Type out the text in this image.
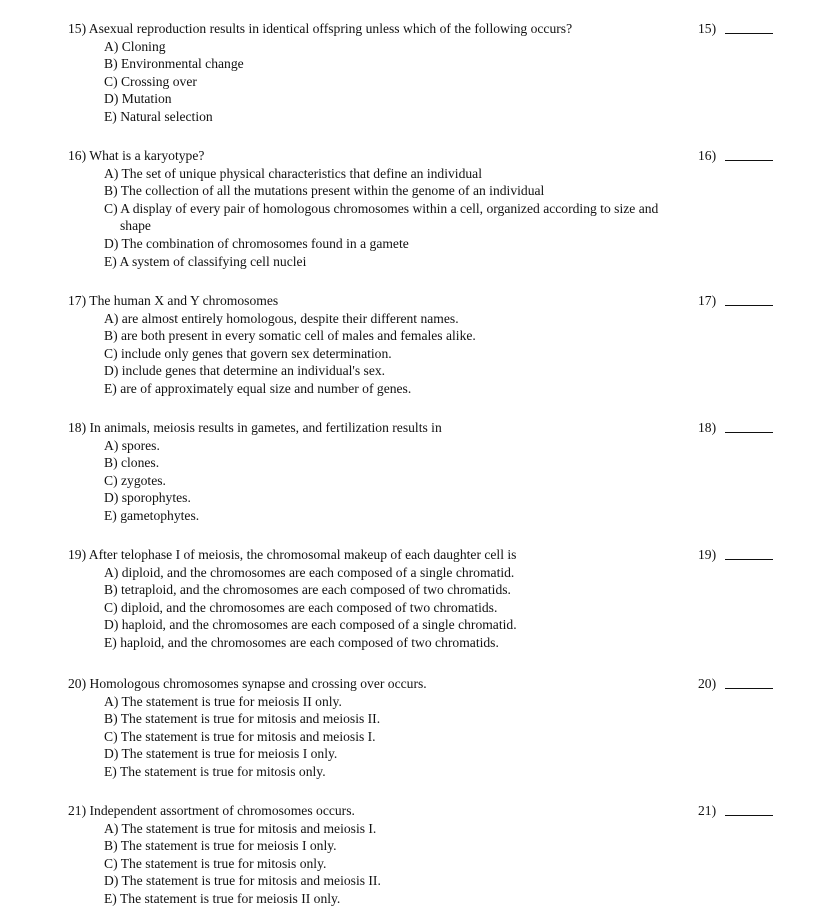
15) Asexual reproduction results in identical offspring unless which of the following occurs?
A) Cloning
B) Environmental change
C) Crossing over
D) Mutation
E) Natural selection
15)
16) What is a karyotype?
A) The set of unique physical characteristics that define an individual
B) The collection of all the mutations present within the genome of an individual
C) A display of every pair of homologous chromosomes within a cell, organized according to size and shape
D) The combination of chromosomes found in a gamete
E) A system of classifying cell nuclei
16)
17) The human X and Y chromosomes
A) are almost entirely homologous, despite their different names.
B) are both present in every somatic cell of males and females alike.
C) include only genes that govern sex determination.
D) include genes that determine an individual's sex.
E) are of approximately equal size and number of genes.
17)
18) In animals, meiosis results in gametes, and fertilization results in
A) spores.
B) clones.
C) zygotes.
D) sporophytes.
E) gametophytes.
18)
19) After telophase I of meiosis, the chromosomal makeup of each daughter cell is
A) diploid, and the chromosomes are each composed of a single chromatid.
B) tetraploid, and the chromosomes are each composed of two chromatids.
C) diploid, and the chromosomes are each composed of two chromatids.
D) haploid, and the chromosomes are each composed of a single chromatid.
E) haploid, and the chromosomes are each composed of two chromatids.
19)
20) Homologous chromosomes synapse and crossing over occurs.
A) The statement is true for meiosis II only.
B) The statement is true for mitosis and meiosis II.
C) The statement is true for mitosis and meiosis I.
D) The statement is true for meiosis I only.
E) The statement is true for mitosis only.
20)
21) Independent assortment of chromosomes occurs.
A) The statement is true for mitosis and meiosis I.
B) The statement is true for meiosis I only.
C) The statement is true for mitosis only.
D) The statement is true for mitosis and meiosis II.
E) The statement is true for meiosis II only.
21)
